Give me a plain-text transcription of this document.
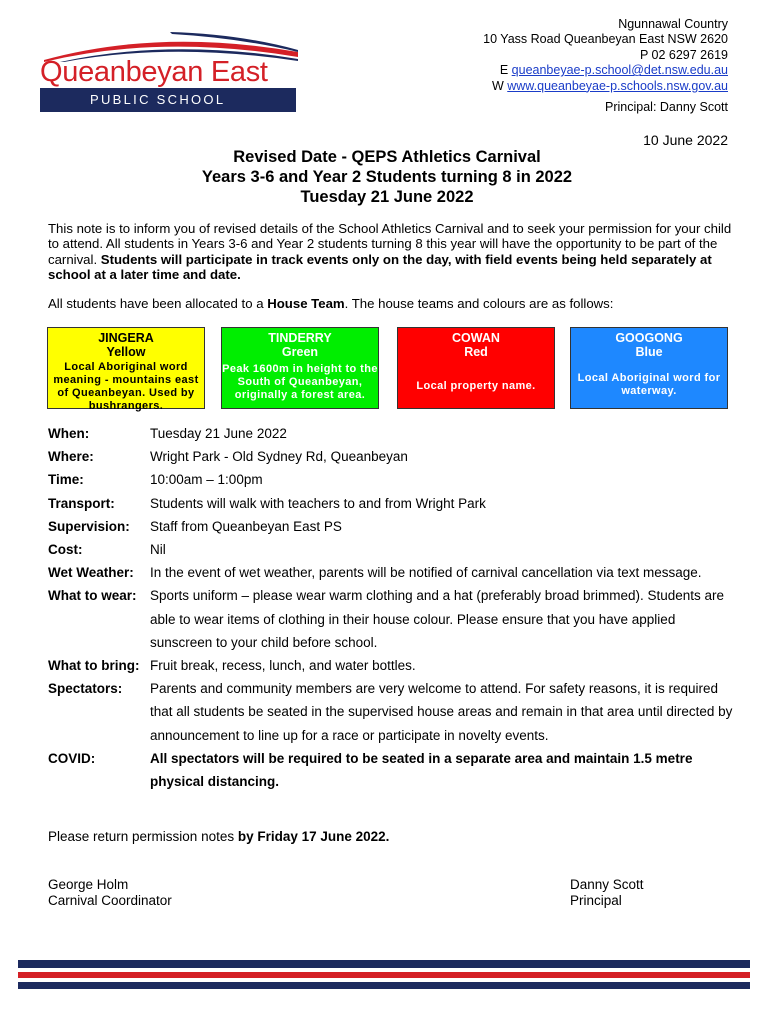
Queanbeyan East
PUBLIC SCHOOL
Ngunnawal Country
10 Yass Road Queanbeyan East NSW 2620
P 02 6297 2619
E queanbeyae-p.school@det.nsw.edu.au
W www.queanbeyae-p.schools.nsw.gov.au
Principal: Danny Scott
10 June 2022
Revised Date - QEPS Athletics Carnival
Years 3-6 and Year 2 Students turning 8 in 2022
Tuesday 21 June 2022
This note is to inform you of revised details of the School Athletics Carnival and to seek your permission for your child to attend. All students in Years 3-6 and Year 2 students turning 8 this year will have the opportunity to be part of the carnival. Students will participate in track events only on the day, with field events being held separately at school at a later time and date.
All students have been allocated to a House Team. The house teams and colours are as follows:
JINGERA
Yellow
Local Aboriginal word meaning - mountains east of Queanbeyan. Used by bushrangers.
TINDERRY
Green
Peak 1600m in height to the South of Queanbeyan, originally a forest area.
COWAN
Red
Local property name.
GOOGONG
Blue
Local Aboriginal word for waterway.
When:	Tuesday 21 June 2022
Where:	Wright Park - Old Sydney Rd, Queanbeyan
Time:	10:00am – 1:00pm
Transport:	Students will walk with teachers to and from Wright Park
Supervision:	Staff from Queanbeyan East PS
Cost:	Nil
Wet Weather:	In the event of wet weather, parents will be notified of carnival cancellation via text message.
What to wear: Sports uniform – please wear warm clothing and a hat (preferably broad brimmed). Students are able to wear items of clothing in their house colour. Please ensure that you have applied sunscreen to your child before school.
What to bring: Fruit break, recess, lunch, and water bottles.
Spectators:	Parents and community members are very welcome to attend. For safety reasons, it is required that all students be seated in the supervised house areas and remain in that area until directed by announcement to line up for a race or participate in novelty events.
COVID:	All spectators will be required to be seated in a separate area and maintain 1.5 metre physical distancing.
Please return permission notes by Friday 17 June 2022.
George Holm
Carnival Coordinator
Danny Scott
Principal
